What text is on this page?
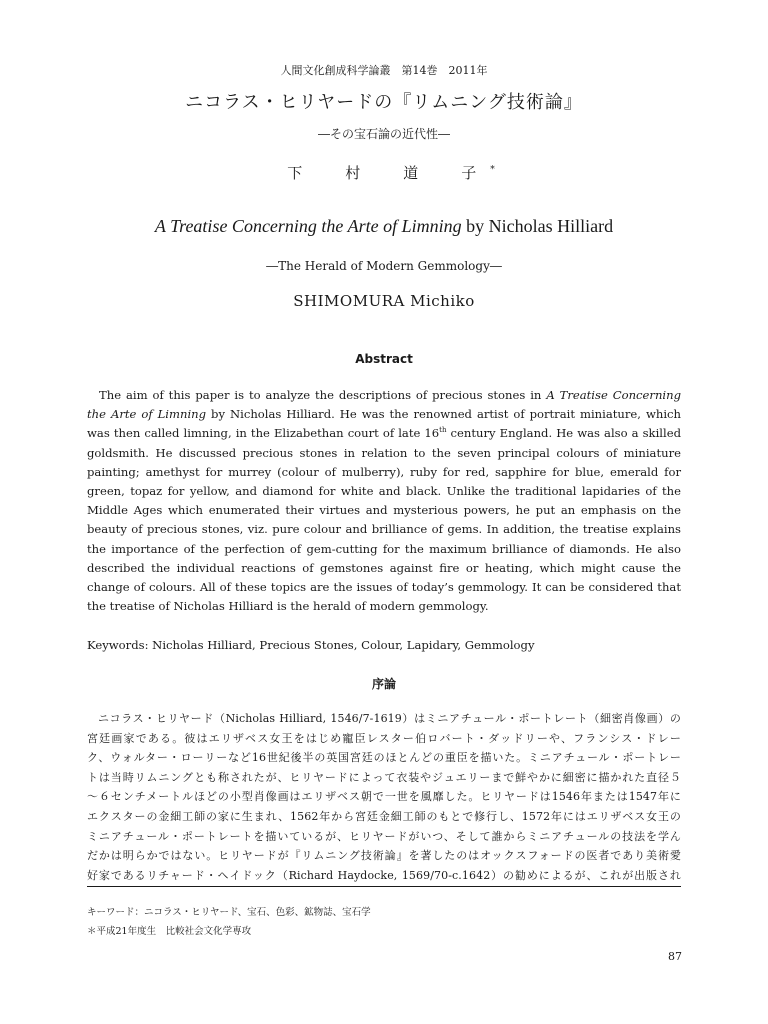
人間文化創成科学論叢　第14巻　2011年
ニコラス・ヒリヤードの『リムニング技術論』
―その宝石論の近代性―
下　村　道　子*
A Treatise Concerning the Arte of Limning by Nicholas Hilliard
―The Herald of Modern Gemmology―
SHIMOMURA Michiko
Abstract
The aim of this paper is to analyze the descriptions of precious stones in A Treatise Concerning the Arte of Limning by Nicholas Hilliard. He was the renowned artist of portrait miniature, which was then called limning, in the Elizabethan court of late 16th century England. He was also a skilled goldsmith. He discussed precious stones in relation to the seven principal colours of miniature painting; amethyst for murrey (colour of mulberry), ruby for red, sapphire for blue, emerald for green, topaz for yellow, and diamond for white and black. Unlike the traditional lapidaries of the Middle Ages which enumerated their virtues and mysterious powers, he put an emphasis on the beauty of precious stones, viz. pure colour and brilliance of gems. In addition, the treatise explains the importance of the perfection of gem-cutting for the maximum brilliance of diamonds. He also described the individual reactions of gemstones against fire or heating, which might cause the change of colours. All of these topics are the issues of today’s gemmology. It can be considered that the treatise of Nicholas Hilliard is the herald of modern gemmology.
Keywords: Nicholas Hilliard, Precious Stones, Colour, Lapidary, Gemmology
序論
ニコラス・ヒリヤード（Nicholas Hilliard, 1546/7-1619）はミニアチュール・ポートレート（細密肖像画）の
宮廷画家である。彼はエリザベス女王をはじめ寵臣レスター伯ロバート・ダッドリーや、フランシス・ドレー
ク、ウォルター・ローリーなど16世紀後半の英国宮廷のほとんどの重臣を描いた。ミニアチュール・ポートレー
トは当時リムニングとも称されたが、ヒリヤードによって衣装やジュエリーまで鮮やかに細密に描かれた直径５
～６センチメートルほどの小型肖像画はエリザベス朝で一世を風靡した。ヒリヤードは1546年または1547年に
エクスターの金細工師の家に生まれ、1562年から宮廷金細工師のもとで修行し、1572年にはエリザベス女王の
ミニアチュール・ポートレートを描いているが、ヒリヤードがいつ、そして誰からミニアチュールの技法を学ん
だかは明らかではない。ヒリヤードが『リムニング技術論』を著したのはオックスフォードの医者であり美術愛
好家であるリチャード・ヘイドック（Richard Haydocke, 1569/70-c.1642）の勧めによるが、これが出版され
キーワード：ニコラス・ヒリヤード、宝石、色彩、鉱物誌、宝石学
＊平成21年度生　比較社会文化学専攻
87
